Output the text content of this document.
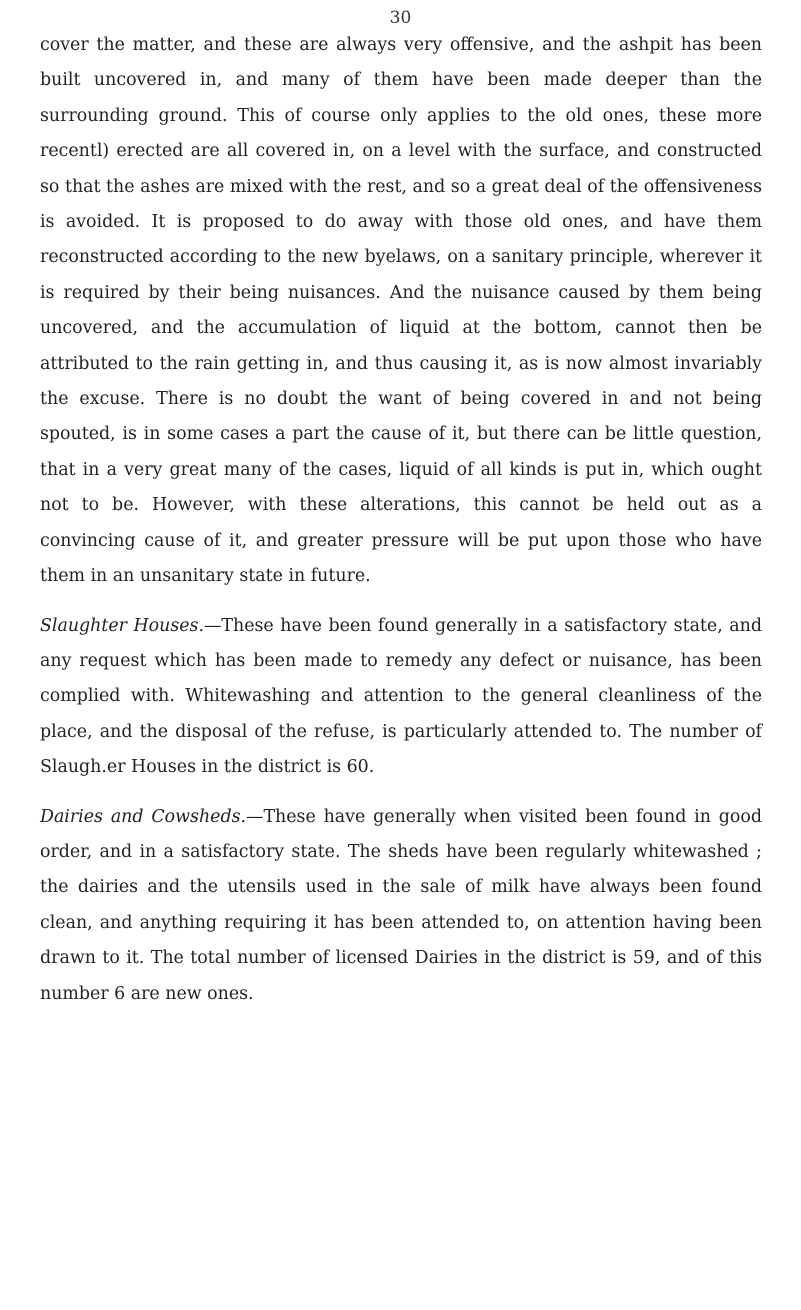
30

cover the matter, and these are always very offensive, and the ashpit has been built uncovered in, and many of them have been made deeper than the surrounding ground. This of course only applies to the old ones, these more recentl) erected are all covered in, on a level with the surface, and constructed so that the ashes are mixed with the rest, and so a great deal of the offensiveness is avoided. It is proposed to do away with those old ones, and have them reconstructed according to the new byelaws, on a sanitary principle, wherever it is required by their being nuisances. And the nuisance caused by them being uncovered, and the accumulation of liquid at the bottom, cannot then be attributed to the rain getting in, and thus causing it, as is now almost invariably the excuse. There is no doubt the want of being covered in and not being spouted, is in some cases a part the cause of it, but there can be little question, that in a very great many of the cases, liquid of all kinds is put in, which ought not to be. However, with these alterations, this cannot be held out as a convincing cause of it, and greater pressure will be put upon those who have them in an unsanitary state in future.

Slaughter Houses.—These have been found generally in a satisfactory state, and any request which has been made to remedy any defect or nuisance, has been complied with. Whitewashing and attention to the general cleanliness of the place, and the disposal of the refuse, is particularly attended to. The number of Slaugh.er Houses in the district is 60.

Dairies and Cowsheds.—These have generally when visited been found in good order, and in a satisfactory state. The sheds have been regularly whitewashed ; the dairies and the utensils used in the sale of milk have always been found clean, and anything requiring it has been attended to, on attention having been drawn to it. The total number of licensed Dairies in the district is 59, and of this number 6 are new ones.
